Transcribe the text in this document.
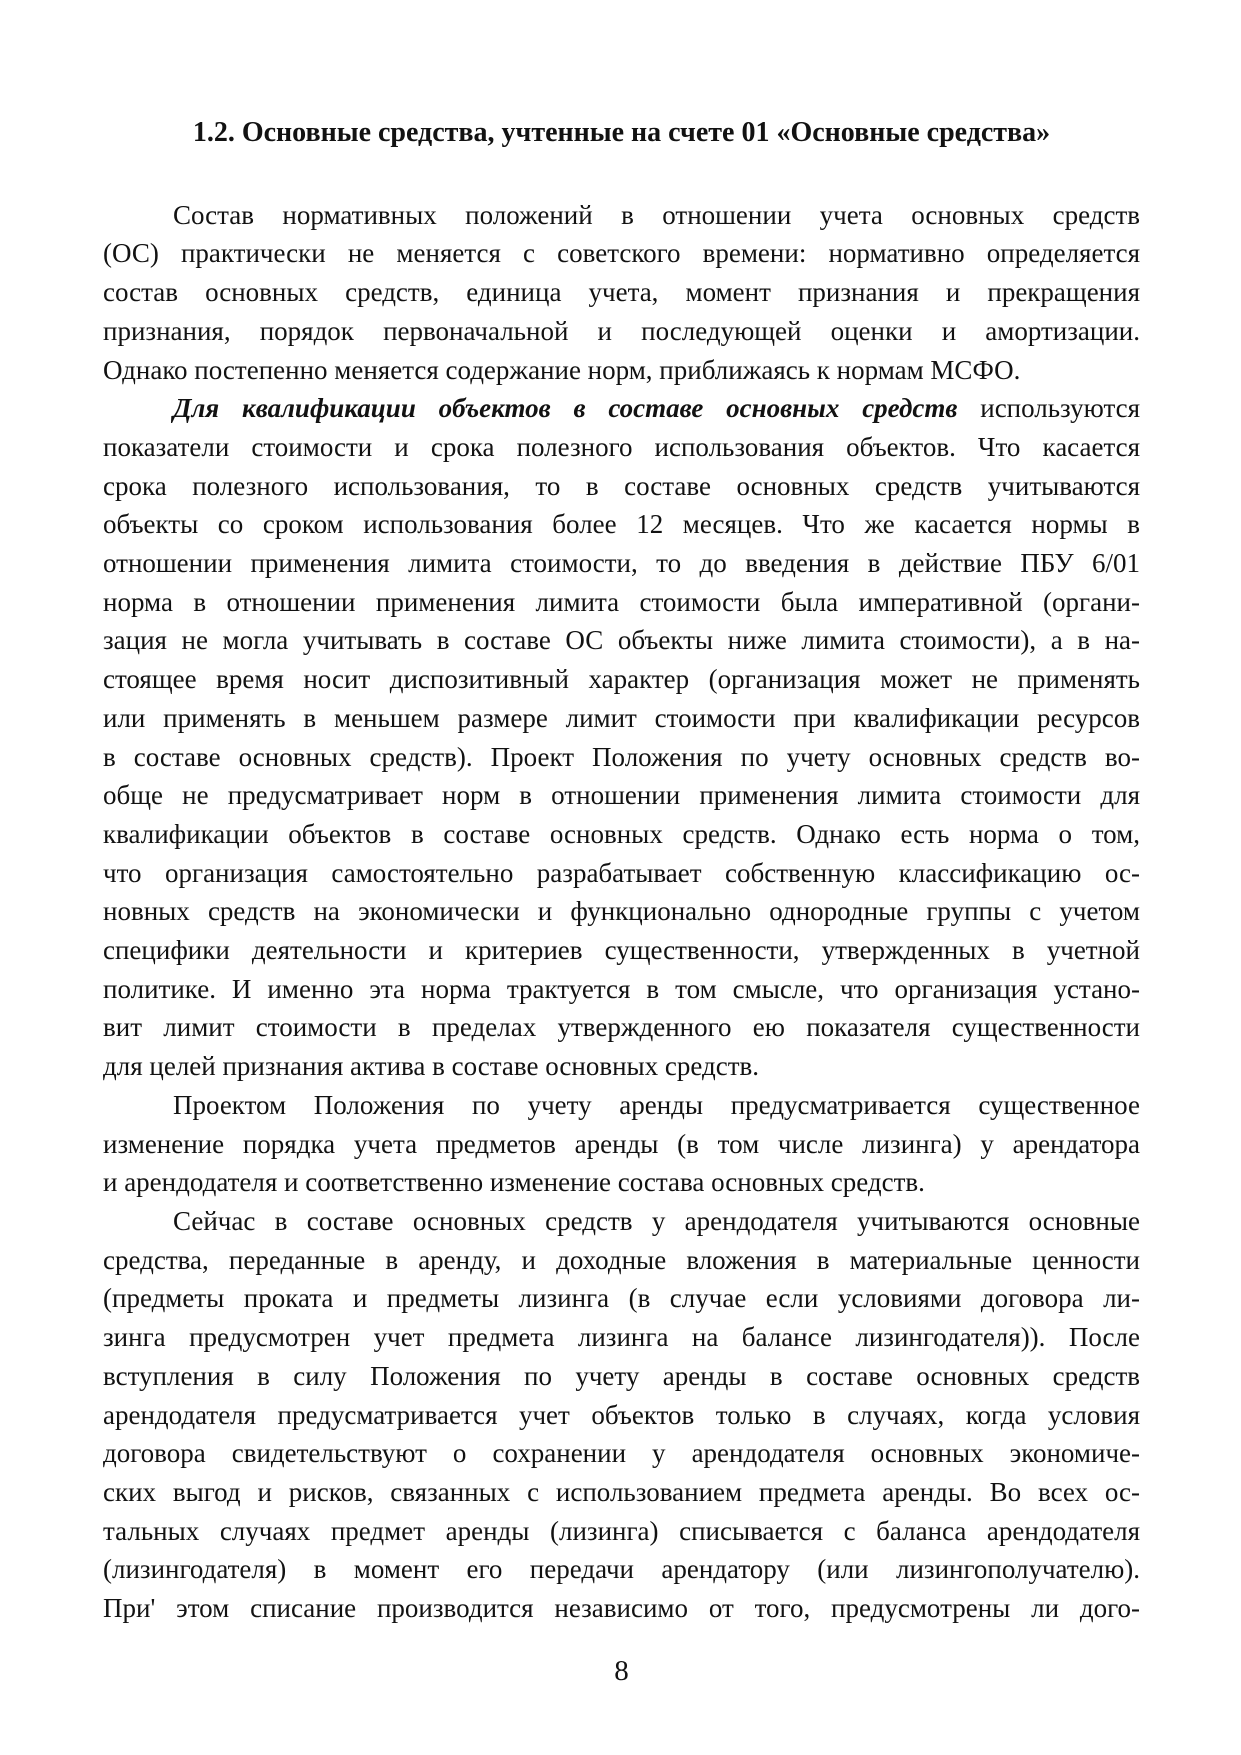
1.2. Основные средства, учтенные на счете 01 «Основные средства»
Состав нормативных положений в отношении учета основных средств
(ОС) практически не меняется с советского времени: нормативно определяется
состав основных средств, единица учета, момент признания и прекращения
признания, порядок первоначальной и последующей оценки и амортизации.
Однако постепенно меняется содержание норм, приближаясь к нормам МСФО.
Для квалификации объектов в составе основных средств используются
показатели стоимости и срока полезного использования объектов. Что касается
срока полезного использования, то в составе основных средств учитываются
объекты со сроком использования более 12 месяцев. Что же касается нормы в
отношении применения лимита стоимости, то до введения в действие ПБУ 6/01
норма в отношении применения лимита стоимости была императивной (органи-
зация не могла учитывать в составе ОС объекты ниже лимита стоимости), а в на-
стоящее время носит диспозитивный характер (организация может не применять
или применять в меньшем размере лимит стоимости при квалификации ресурсов
в составе основных средств). Проект Положения по учету основных средств во-
обще не предусматривает норм в отношении применения лимита стоимости для
квалификации объектов в составе основных средств. Однако есть норма о том,
что организация самостоятельно разрабатывает собственную классификацию ос-
новных средств на экономически и функционально однородные группы с учетом
специфики деятельности и критериев существенности, утвержденных в учетной
политике. И именно эта норма трактуется в том смысле, что организация устано-
вит лимит стоимости в пределах утвержденного ею показателя существенности
для целей признания актива в составе основных средств.
Проектом Положения по учету аренды предусматривается существенное
изменение порядка учета предметов аренды (в том числе лизинга) у арендатора
и арендодателя и соответственно изменение состава основных средств.
Сейчас в составе основных средств у арендодателя учитываются основные
средства, переданные в аренду, и доходные вложения в материальные ценности
(предметы проката и предметы лизинга (в случае если условиями договора ли-
зинга предусмотрен учет предмета лизинга на балансе лизингодателя)). После
вступления в силу Положения по учету аренды в составе основных средств
арендодателя предусматривается учет объектов только в случаях, когда условия
договора свидетельствуют о сохранении у арендодателя основных экономиче-
ских выгод и рисков, связанных с использованием предмета аренды. Во всех ос-
тальных случаях предмет аренды (лизинга) списывается с баланса арендодателя
(лизингодателя) в момент его передачи арендатору (или лизингополучателю).
При' этом списание производится независимо от того, предусмотрены ли дого-
8
